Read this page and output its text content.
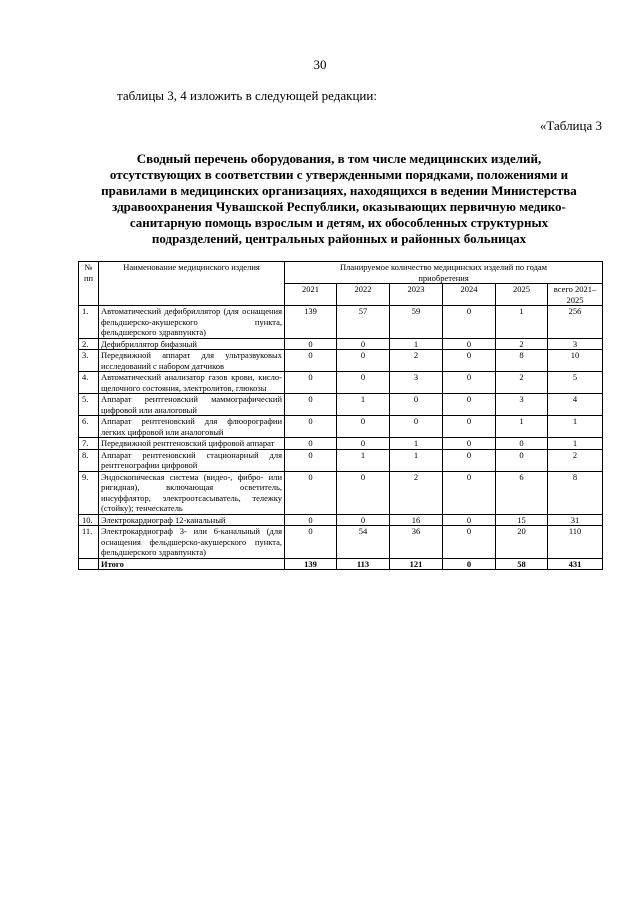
30
таблицы 3, 4 изложить в следующей редакции:
«Таблица 3
Сводный перечень оборудования, в том числе медицинских изделий, отсутствующих в соответствии с утвержденными порядками, положениями и правилами в медицинских организациях, находящихся в ведении Министерства здравоохранения Чувашской Республики, оказывающих первичную медико-санитарную помощь взрослым и детям, их обособленных структурных подразделений, центральных районных и районных больницах
№ пп	Наименование медицинского изделия	Планируемое количество медицинских изделий по годам приобретения					
		2021	2022	2023	2024	2025	всего 2021–2025
1.	Автоматический дефибриллятор (для оснащения фельдшерско-акушерского пункта, фельдшерского здравпункта)	139	57	59	0	1	256
2.	Дефибриллятор бифазный	0	0	1	0	2	3
3.	Передвижной аппарат для ультразвуковых исследований с набором датчиков	0	0	2	0	8	10
4.	Автоматический анализатор газов крови, кисло-щелочного состояния, электролитов, глюкозы	0	0	3	0	2	5
5.	Аппарат рентгеновский маммографический цифровой или аналоговый	0	1	0	0	3	4
6.	Аппарат рентгеновский для флюорографии легких цифровой или аналоговый	0	0	0	0	1	1
7.	Передвижной рентгеновский цифровой аппарат	0	0	1	0	0	1
8.	Аппарат рентгеновский стационарный для рентгенографии цифровой	0	1	1	0	0	2
9.	Эндоскопическая система (видео-, фибро- или ригидная), включающая осветитель, инсуффлятор, электроотсасыватель, тележку (стойку); тенческатель	0	0	2	0	6	8
10.	Электрокардиограф 12-канальный	0	0	16	0	15	31
11.	Электрокардиограф 3- или 6-канальный (для оснащения фельдшерско-акушерского пункта, фельдшерского здравпункта)	0	54	36	0	20	110
	Итого	139	113	121	0	58	431
